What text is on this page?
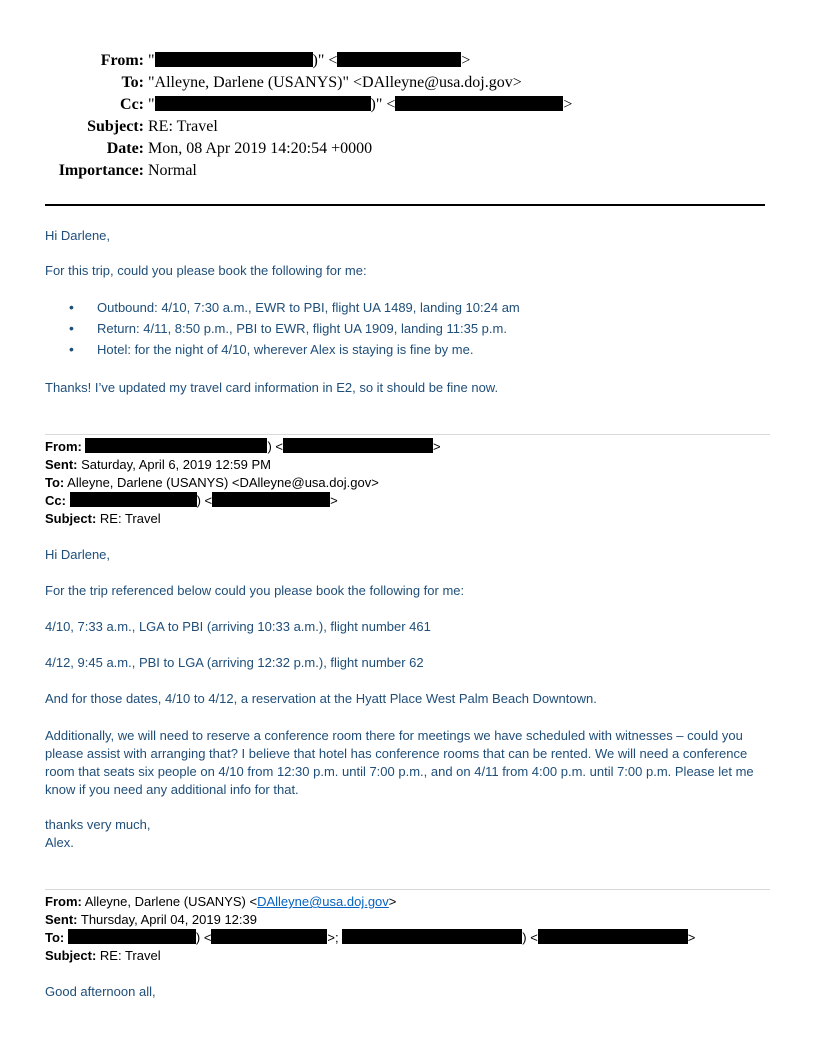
From: "	)" <	>
To: "Alleyne, Darlene (USANYS)" <DAlleyne@usa.doj.gov>
Cc: "	)" <	>
Subject: RE: Travel
Date: Mon, 08 Apr 2019 14:20:54 +0000
Importance: Normal
Hi Darlene,
For this trip, could you please book the following for me:
• Outbound: 4/10, 7:30 a.m., EWR to PBI, flight UA 1489, landing 10:24 am
• Return: 4/11, 8:50 p.m., PBI to EWR, flight UA 1909, landing 11:35 p.m.
• Hotel: for the night of 4/10, wherever Alex is staying is fine by me.
Thanks! I’ve updated my travel card information in E2, so it should be fine now.
From:	) <	>
Sent: Saturday, April 6, 2019 12:59 PM
To: Alleyne, Darlene (USANYS) <DAlleyne@usa.doj.gov>
Cc:	) <	>
Subject: RE: Travel
Hi Darlene,
For the trip referenced below could you please book the following for me:
4/10, 7:33 a.m., LGA to PBI (arriving 10:33 a.m.), flight number 461
4/12, 9:45 a.m., PBI to LGA (arriving 12:32 p.m.), flight number 62
And for those dates, 4/10 to 4/12, a reservation at the Hyatt Place West Palm Beach Downtown.
Additionally, we will need to reserve a conference room there for meetings we have scheduled with witnesses – could you please assist with arranging that? I believe that hotel has conference rooms that can be rented. We will need a conference room that seats six people on 4/10 from 12:30 p.m. until 7:00 p.m., and on 4/11 from 4:00 p.m. until 7:00 p.m. Please let me know if you need any additional info for that.
thanks very much,
Alex.
From: Alleyne, Darlene (USANYS) <DAlleyne@usa.doj.gov>
Sent: Thursday, April 04, 2019 12:39
To:	) <	>;	) <	>
Subject: RE: Travel
Good afternoon all,
